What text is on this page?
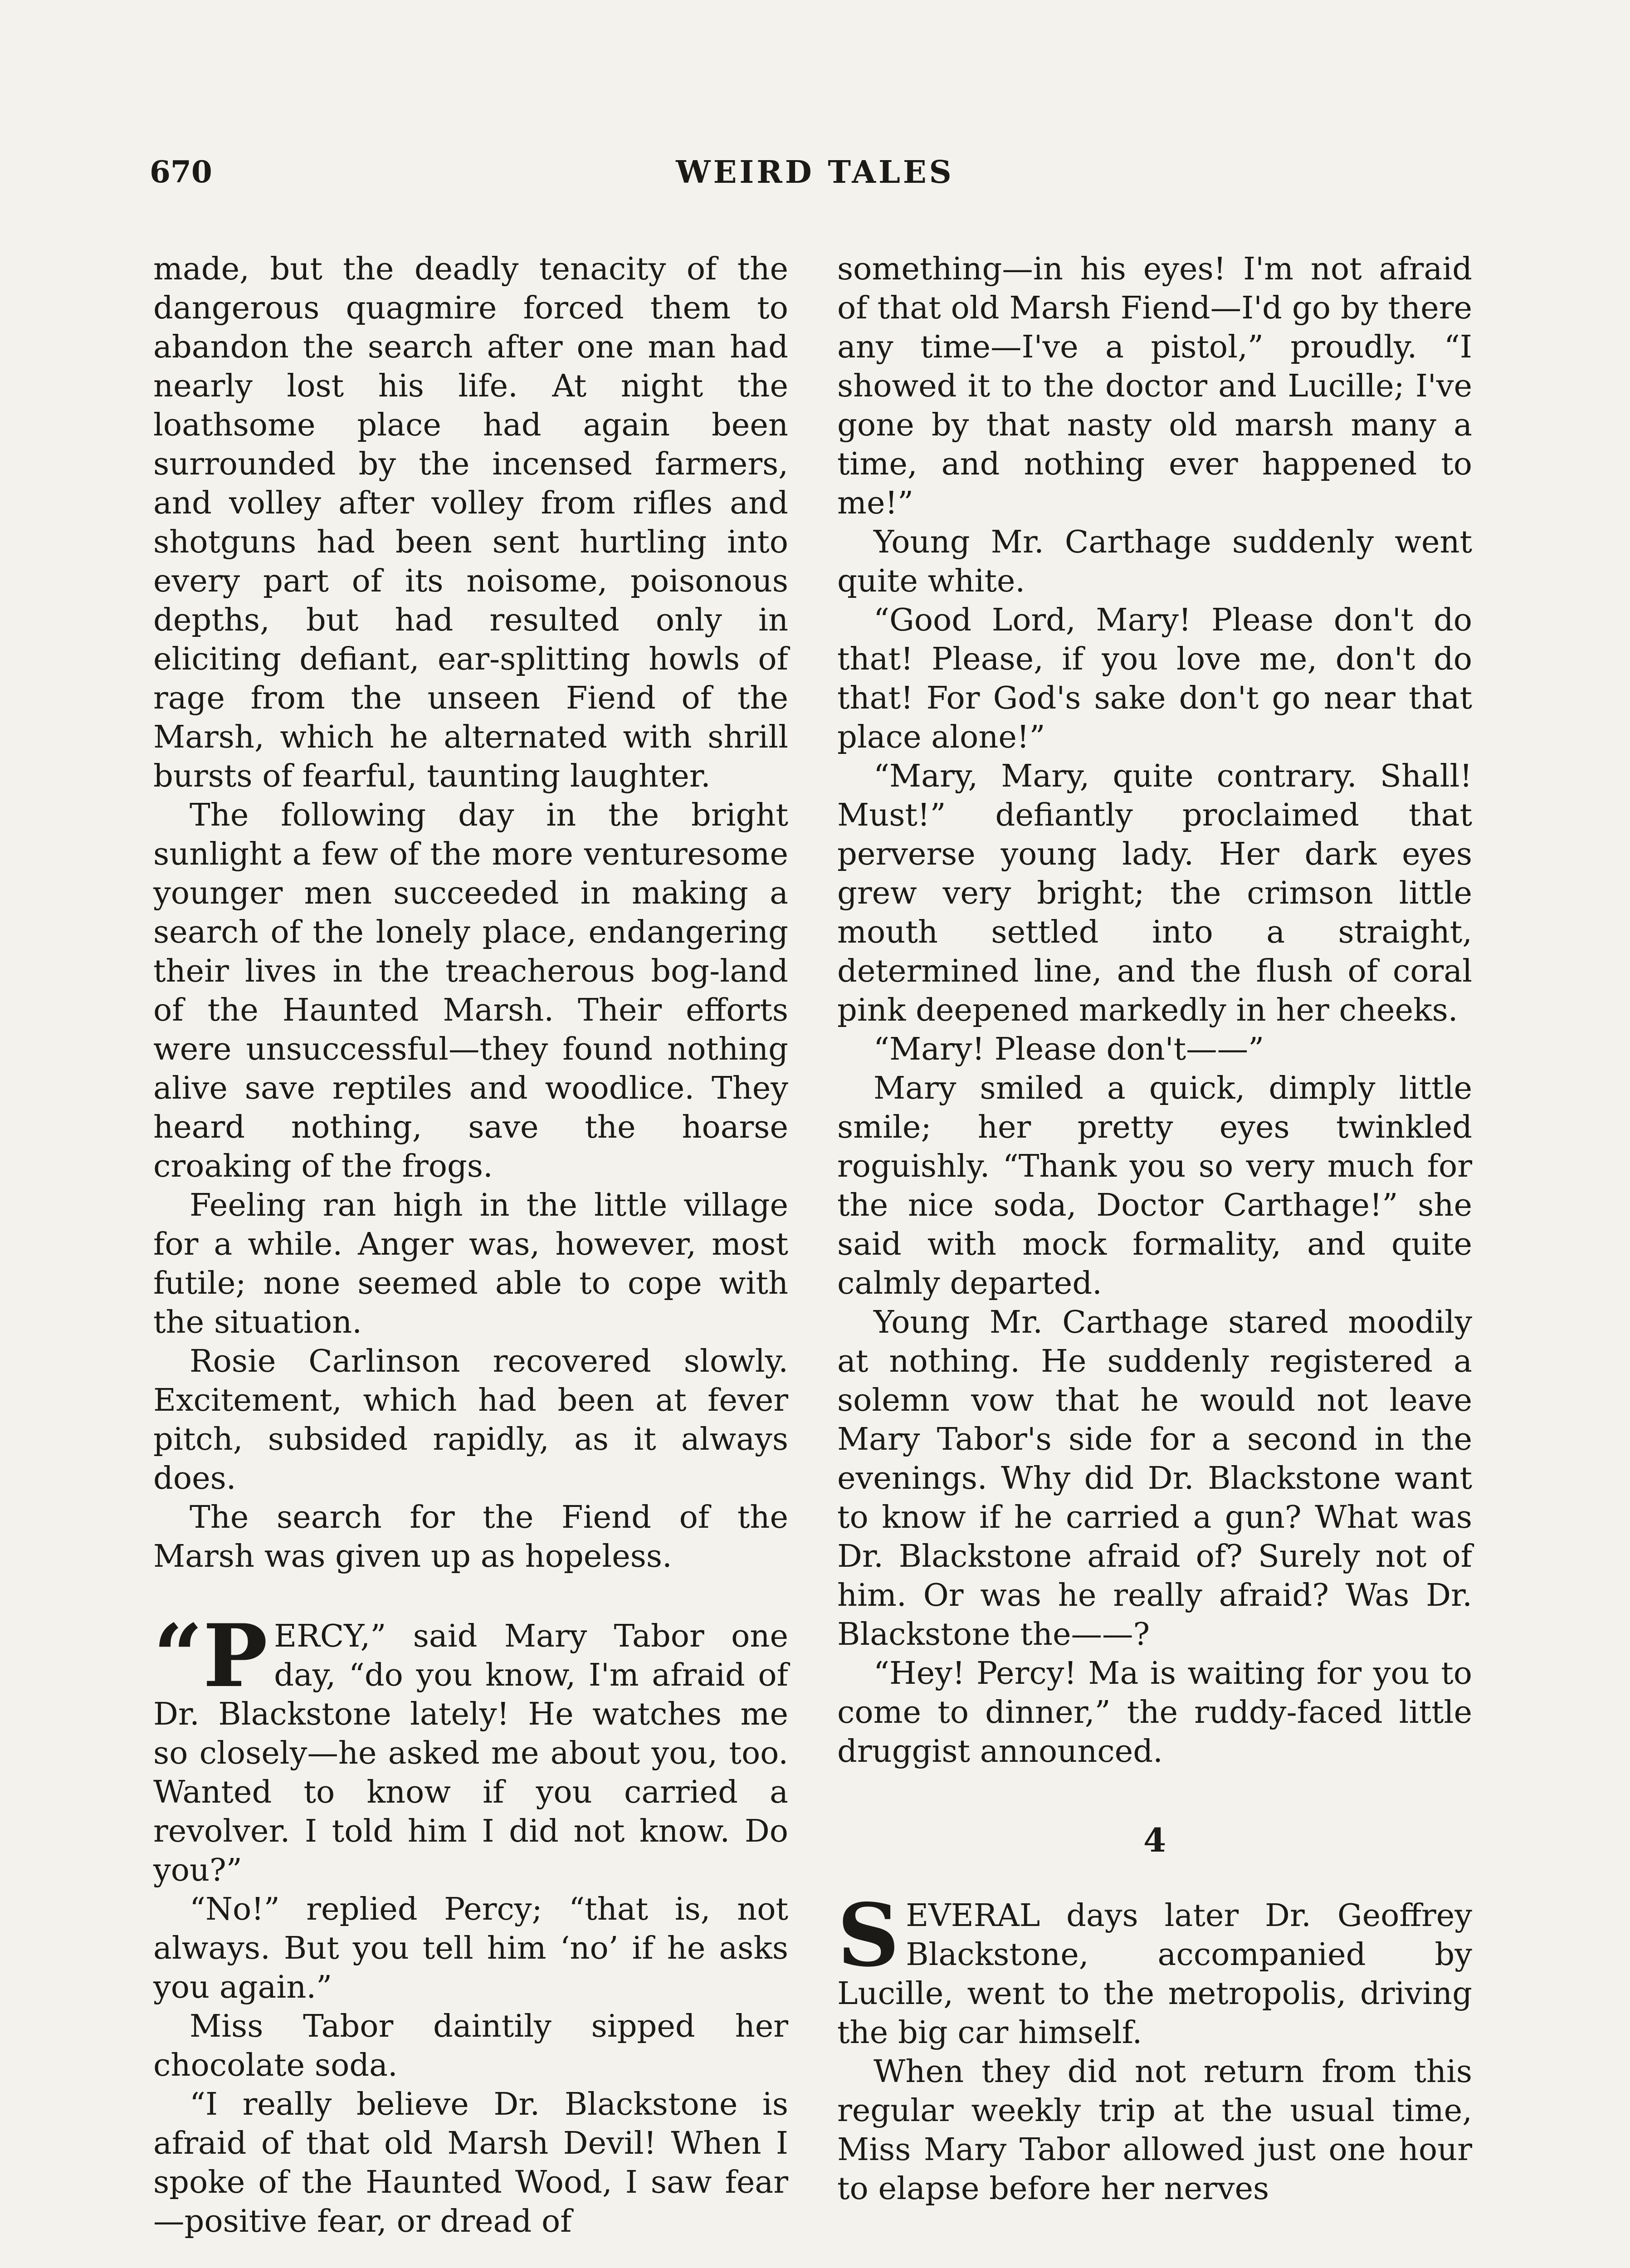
670	WEIRD TALES

made, but the deadly tenacity of the dangerous quagmire forced them to abandon the search after one man had nearly lost his life. At night the loathsome place had again been surrounded by the incensed farmers, and volley after volley from rifles and shotguns had been sent hurtling into every part of its noisome, poisonous depths, but had resulted only in eliciting defiant, ear-splitting howls of rage from the unseen Fiend of the Marsh, which he alternated with shrill bursts of fearful, taunting laughter.

The following day in the bright sunlight a few of the more venturesome younger men succeeded in making a search of the lonely place, endangering their lives in the treacherous bog-land of the Haunted Marsh. Their efforts were unsuccessful—they found nothing alive save reptiles and woodlice. They heard nothing, save the hoarse croaking of the frogs.

Feeling ran high in the little village for a while. Anger was, however, most futile; none seemed able to cope with the situation.

Rosie Carlinson recovered slowly. Excitement, which had been at fever pitch, subsided rapidly, as it always does.

The search for the Fiend of the Marsh was given up as hopeless.

“PERCY,” said Mary Tabor one day, “do you know, I'm afraid of Dr. Blackstone lately! He watches me so closely—he asked me about you, too. Wanted to know if you carried a revolver. I told him I did not know. Do you?”

“No!” replied Percy; “that is, not always. But you tell him ‘no’ if he asks you again.”

Miss Tabor daintily sipped her chocolate soda.

“I really believe Dr. Blackstone is afraid of that old Marsh Devil! When I spoke of the Haunted Wood, I saw fear—positive fear, or dread of

something—in his eyes! I'm not afraid of that old Marsh Fiend—I'd go by there any time—I've a pistol,” proudly. “I showed it to the doctor and Lucille; I've gone by that nasty old marsh many a time, and nothing ever happened to me!”

Young Mr. Carthage suddenly went quite white.

“Good Lord, Mary! Please don't do that! Please, if you love me, don't do that! For God's sake don't go near that place alone!”

“Mary, Mary, quite contrary. Shall! Must!” defiantly proclaimed that perverse young lady. Her dark eyes grew very bright; the crimson little mouth settled into a straight, determined line, and the flush of coral pink deepened markedly in her cheeks.

“Mary! Please don't——”

Mary smiled a quick, dimply little smile; her pretty eyes twinkled roguishly. “Thank you so very much for the nice soda, Doctor Carthage!” she said with mock formality, and quite calmly departed.

Young Mr. Carthage stared moodily at nothing. He suddenly registered a solemn vow that he would not leave Mary Tabor's side for a second in the evenings. Why did Dr. Blackstone want to know if he carried a gun? What was Dr. Blackstone afraid of? Surely not of him. Or was he really afraid? Was Dr. Blackstone the——?

“Hey! Percy! Ma is waiting for you to come to dinner,” the ruddy-faced little druggist announced.

4

SEVERAL days later Dr. Geoffrey Blackstone, accompanied by Lucille, went to the metropolis, driving the big car himself.

When they did not return from this regular weekly trip at the usual time, Miss Mary Tabor allowed just one hour to elapse before her nerves
